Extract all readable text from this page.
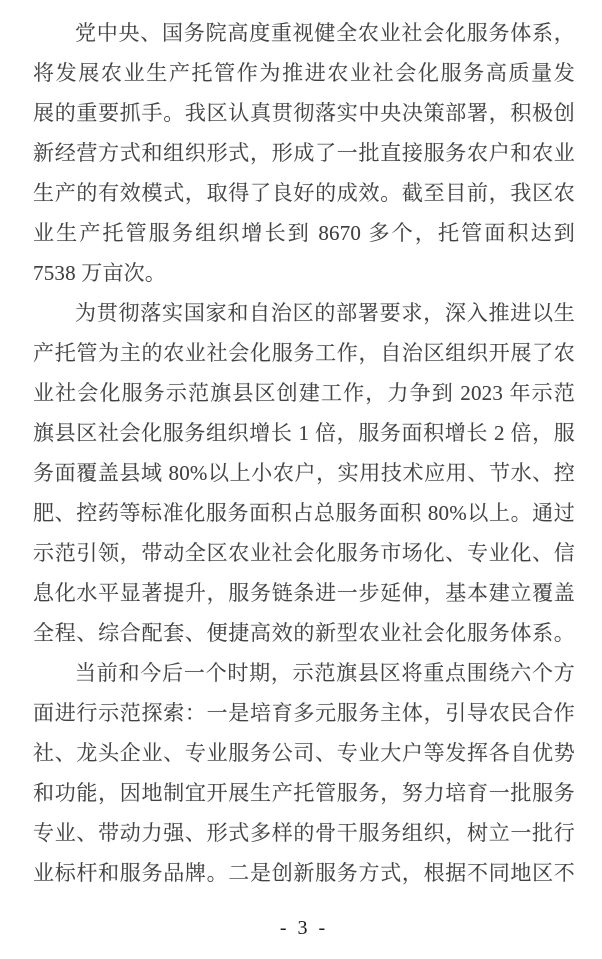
党中央、国务院高度重视健全农业社会化服务体系，
将发展农业生产托管作为推进农业社会化服务高质量发
展的重要抓手。我区认真贯彻落实中央决策部署，积极创
新经营方式和组织形式，形成了一批直接服务农户和农业
生产的有效模式，取得了良好的成效。截至目前，我区农
业生产托管服务组织增长到 8670 多个，托管面积达到
7538 万亩次。
为贯彻落实国家和自治区的部署要求，深入推进以生
产托管为主的农业社会化服务工作，自治区组织开展了农
业社会化服务示范旗县区创建工作，力争到 2023 年示范
旗县区社会化服务组织增长 1 倍，服务面积增长 2 倍，服
务面覆盖县域 80%以上小农户，实用技术应用、节水、控
肥、控药等标准化服务面积占总服务面积 80%以上。通过
示范引领，带动全区农业社会化服务市场化、专业化、信
息化水平显著提升，服务链条进一步延伸，基本建立覆盖
全程、综合配套、便捷高效的新型农业社会化服务体系。
当前和今后一个时期，示范旗县区将重点围绕六个方
面进行示范探索：一是培育多元服务主体，引导农民合作
社、龙头企业、专业服务公司、专业大户等发挥各自优势
和功能，因地制宜开展生产托管服务，努力培育一批服务
专业、带动力强、形式多样的骨干服务组织，树立一批行
业标杆和服务品牌。二是创新服务方式，根据不同地区不
- 3 -
